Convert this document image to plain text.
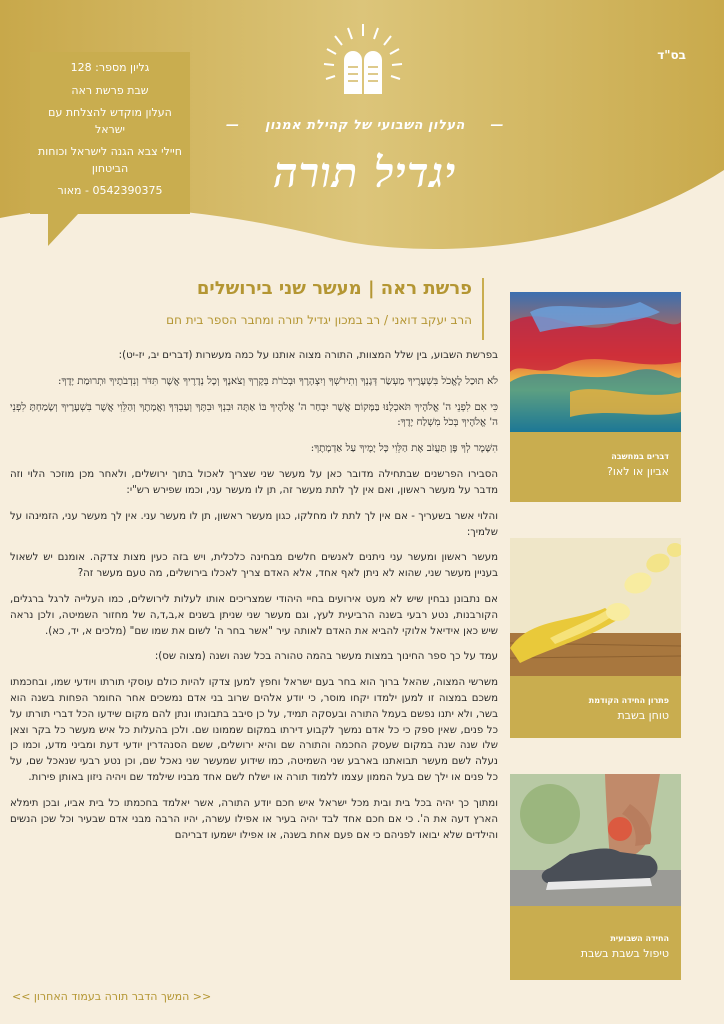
בס"ד
— העלון השבועי של קהילת אמנון —
יגדיל תורה
גליון מספר: 128
שבת פרשת ראה
העלון מוקדש להצלחת עם ישראל
חיילי צבא הגנה לישראל וכוחות הביטחון
0542390375 - מאור
פרשת ראה | מעשר שני בירושלים
הרב יעקב דואני / רב במכון יגדיל תורה ומחבר הספר בית חם

בפרשת השבוע, בין שלל המצוות, התורה מצוה אותנו על כמה מעשרות (דברים יב, יז-יט):

לֹא תוּכַל לֶאֱכֹל בִּשְׁעָרֶיךָ מַעְשַׂר דְּגָנְךָ וְתִירֹשְׁךָ וְיִצְהָרֶךָ וּבְכֹרֹת בְּקָרְךָ וְצֹאנֶךָ וְכָל נְדָרֶיךָ אֲשֶׁר תִּדֹּר וְנִדְבֹתֶיךָ וּתְרוּמַת יָדֶךָ:

כִּי אִם לִפְנֵי ה' אֱלֹהֶיךָ תֹּאכְלֶנּוּ בַּמָּקוֹם אֲשֶׁר יִבְחַר ה' אֱלֹהֶיךָ בּוֹ אַתָּה וּבִנְךָ וּבִתֶּךָ וְעַבְדְּךָ וַאֲמָתֶךָ וְהַלֵּוִי אֲשֶׁר בִּשְׁעָרֶיךָ וְשָׂמַחְתָּ לִפְנֵי ה' אֱלֹהֶיךָ בְּכֹל מִשְׁלַח יָדֶךָ:

הִשָּׁמֶר לְךָ פֶּן תַּעֲזֹב אֶת הַלֵּוִי כָּל יָמֶיךָ עַל אַדְמָתֶךָ:

הסבירו הפרשנים שבתחילה מדובר כאן על מעשר שני שצריך לאכול בתוך ירושלים, ולאחר מכן מוזכר הלוי וזה מדבר על מעשר ראשון, ואם אין לך לתת מעשר זה, תן לו מעשר עני, וכמו שפירש רש"י:

והלוי אשר בשעריך - אם אין לך לתת לו מחלקו, כגון מעשר ראשון, תן לו מעשר עני. אין לך מעשר עני, הזמינהו על שלמיך:

מעשר ראשון ומעשר עני ניתנים לאנשים חלשים מבחינה כלכלית, ויש בזה כעין מצות צדקה. אומנם יש לשאול בעניין מעשר שני, שהוא לא ניתן לאף אחד, אלא האדם צריך לאכלו בירושלים, מה טעם מעשר זה?

אם נתבונן נבחין שיש לא מעט אירועים בחיי היהודי שמצריכים אותו לעלות לירושלים, כמו העלייה לרגל ברגלים, הקורבנות, נטע רבעי בשנה הרביעית לעץ, וגם מעשר שני שניתן בשנים א,ב,ד,ה של מחזור השמיטה, ולכן נראה שיש כאן אידיאל אלוקי להביא את האדם לאותה עיר "אשר בחר ה' לשום את שמו שם" (מלכים א, יד, כא).

עמד על כך ספר החינוך במצות מעשר בהמה טהורה בכל שנה ושנה (מצוה שס):

משרשי המצוה, שהאל ברוך הוא בחר בעם ישראל וחפץ למען צדקו להיות כולם עוסקי תורתו ויודעי שמו, ובחכמתו משכם במצוה זו למען ילמדו יקחו מוסר, כי יודע אלהים שרוב בני אדם נמשכים אחר החומר הפחות בשנה הוא בשר, ולא יתנו נפשם בעמל התורה ובעסקה תמיד, על כן סיבב בתבונתו ונתן להם מקום שידעו הכל דברי תורתו על כל פנים, שאין ספק כי כל אדם נמשך לקבוע דירתו במקום שממונו שם. ולכן בהעלות כל איש מעשר כל בקר וצאן שלו שנה שנה במקום שעסק החכמה והתורה שם והיא ירושלים, ששם הסנהדרין יודעי דעת ומביני מדע, וכמו כן נעלה לשם מעשר תבואתנו בארבע שני השמיטה, כמו שידוע שמעשר שני נאכל שם, וכן נטע רבעי שנאכל שם, על כל פנים או ילך שם בעל הממון עצמו ללמוד תורה או ישלח לשם אחד מבניו שילמד שם ויהיה ניזון באותן פירות.

ומתוך כך יהיה בכל בית ובית מכל ישראל איש חכם יודע התורה, אשר יאלמד בחכמתו כל בית אביו, ובכן תימלא הארץ דעה את ה'. כי אם חכם אחד לבד יהיה בעיר או אפילו עשרה, יהיו הרבה מבני אדם שבעיר וכל שכן הנשים והילדים שלא יבואו לפניהם כי אם פעם אחת בשנה, או אפילו ישמעו דבריהם

<< המשך הדבר תורה בעמוד האחרון >>
דברים במחשבה
אביון או לאו?
פתרון החידה הקודמת
טוחן בשבת
החידה השבועית
טיפול בשבת בשבת
